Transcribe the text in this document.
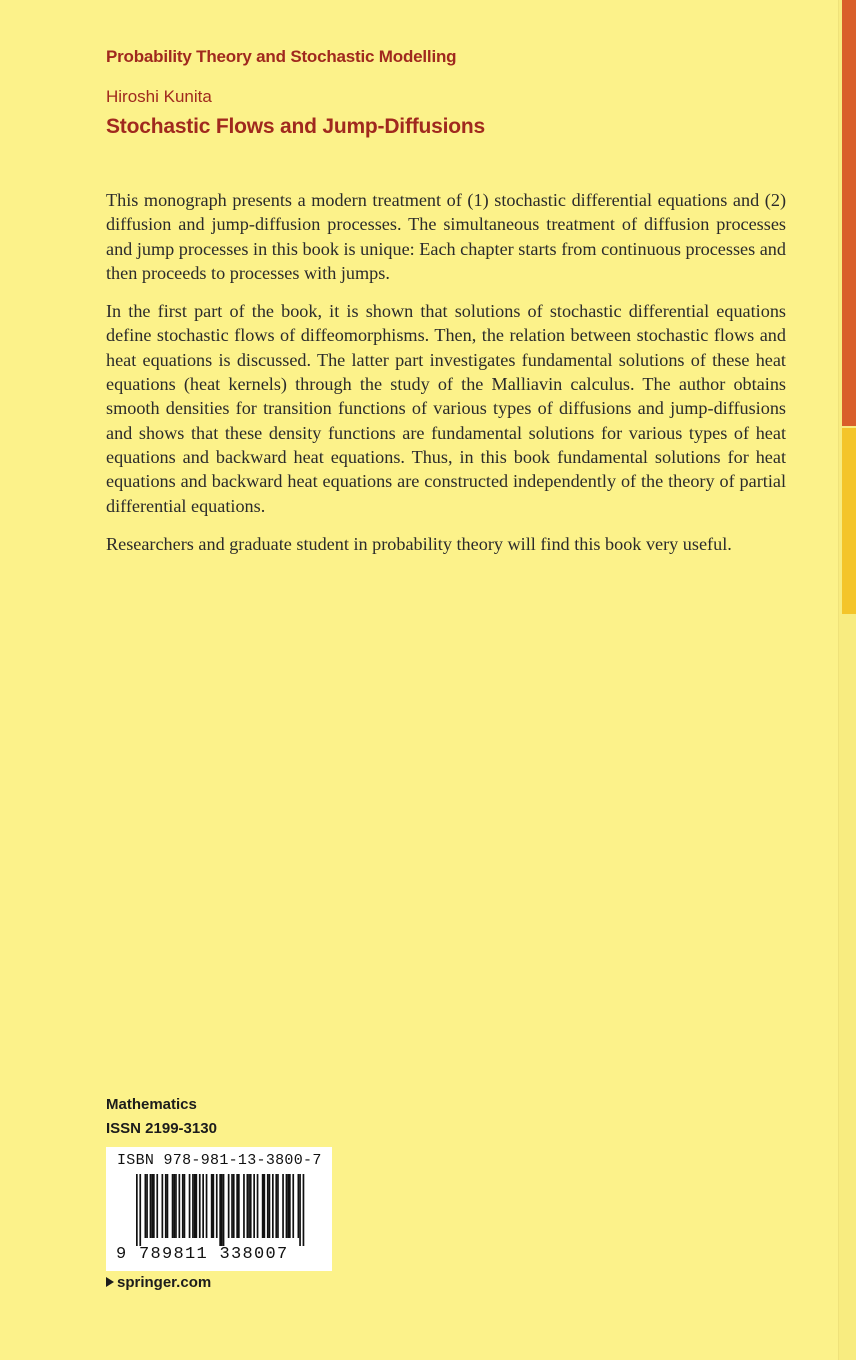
Probability Theory and Stochastic Modelling
Hiroshi Kunita
Stochastic Flows and Jump-Diffusions

This monograph presents a modern treatment of (1) stochastic differential equations and (2) diffusion and jump-diffusion processes. The simultaneous treatment of diffusion processes and jump processes in this book is unique: Each chapter starts from continuous processes and then proceeds to processes with jumps.

In the first part of the book, it is shown that solutions of stochastic differential equations define stochastic flows of diffeomorphisms. Then, the relation between stochastic flows and heat equations is discussed. The latter part investigates fundamental solutions of these heat equations (heat kernels) through the study of the Malliavin calculus. The author obtains smooth densities for transition functions of various types of diffusions and jump-diffusions and shows that these density functions are fundamental solutions for various types of heat equations and backward heat equations. Thus, in this book fundamental solutions for heat equations and backward heat equations are constructed independently of the theory of partial differential equations.

Researchers and graduate student in probability theory will find this book very useful.

Mathematics
ISSN 2199-3130
ISBN 978-981-13-3800-7
9 789811 338007
springer.com
